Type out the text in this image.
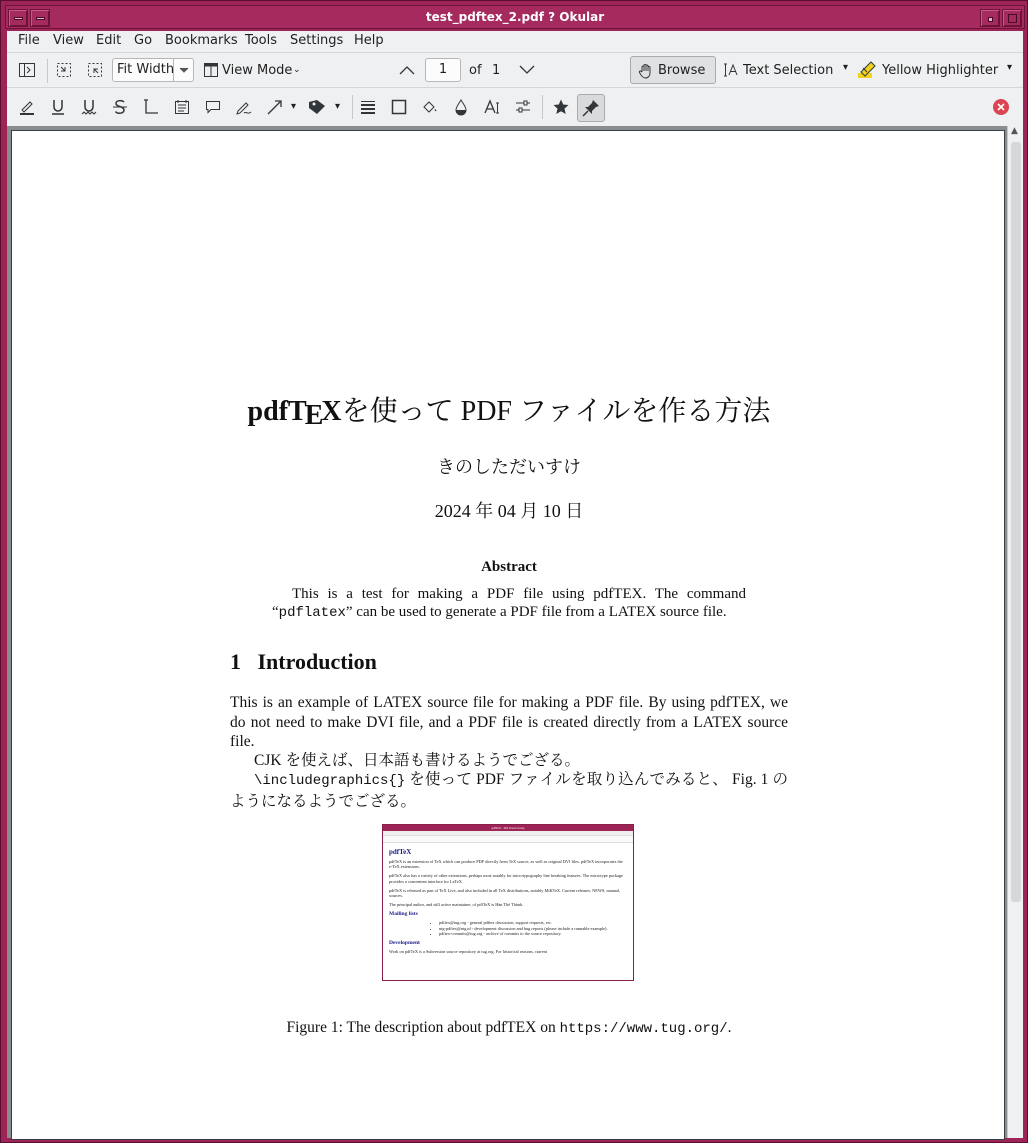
test_pdftex_2.pdf ? Okular
File View Edit Go Bookmarks Tools Settings Help
Fit Width	View Mode ⌄	1	of 1	Browse	Text Selection ▾	Yellow Highlighter ▾
▾	▾
pdfTEXを使って PDF ファイルを作る方法
きのしただいすけ
2024 年 04 月 10 日
Abstract
This is a test for making a PDF file using pdfTEX. The command “pdflatex” can be used to generate a PDF file from a LATEX source file.
1 Introduction
This is an example of LATEX source file for making a PDF file. By using pdfTEX, we do not need to make DVI file, and a PDF file is created directly from a LATEX source file.
CJK を使えば、日本語も書けるようでござる。
\includegraphics{} を使って PDF ファイルを取り込んでみると、 Fig. 1 のようになるようでござる。
pdfTeX - TeX Users Group
pdfTeX

pdfTeX is an extension of TeX which can produce PDF directly from TeX source, as well as original DVI files. pdfTeX incorporates the e-TeX extensions.

pdfTeX also has a variety of other extensions, perhaps most notably for microtypography line breaking features. The microtype package provides a convenient interface for LaTeX.

pdfTeX is released as part of TeX Live, and also included in all TeX distributions, notably MiKTeX. Current releases: NEWS, manual, sources.

The principal author, and still active maintainer, of pdfTeX is Hàn Thế Thành.

Mailing lists
• pdftex@tug.org - general pdftex discussion, support requests, etc.
• ntg-pdftex@ntg.nl - development discussion and bug reports (please include a runnable example).
• pdftex-commits@tug.org - archive of commits to the source repository.
Development

Work on pdfTeX is a Subversion source repository at tug.org. For historical reasons, current

Figure 1: The description about pdfTEX on https://www.tug.org/.
▲
